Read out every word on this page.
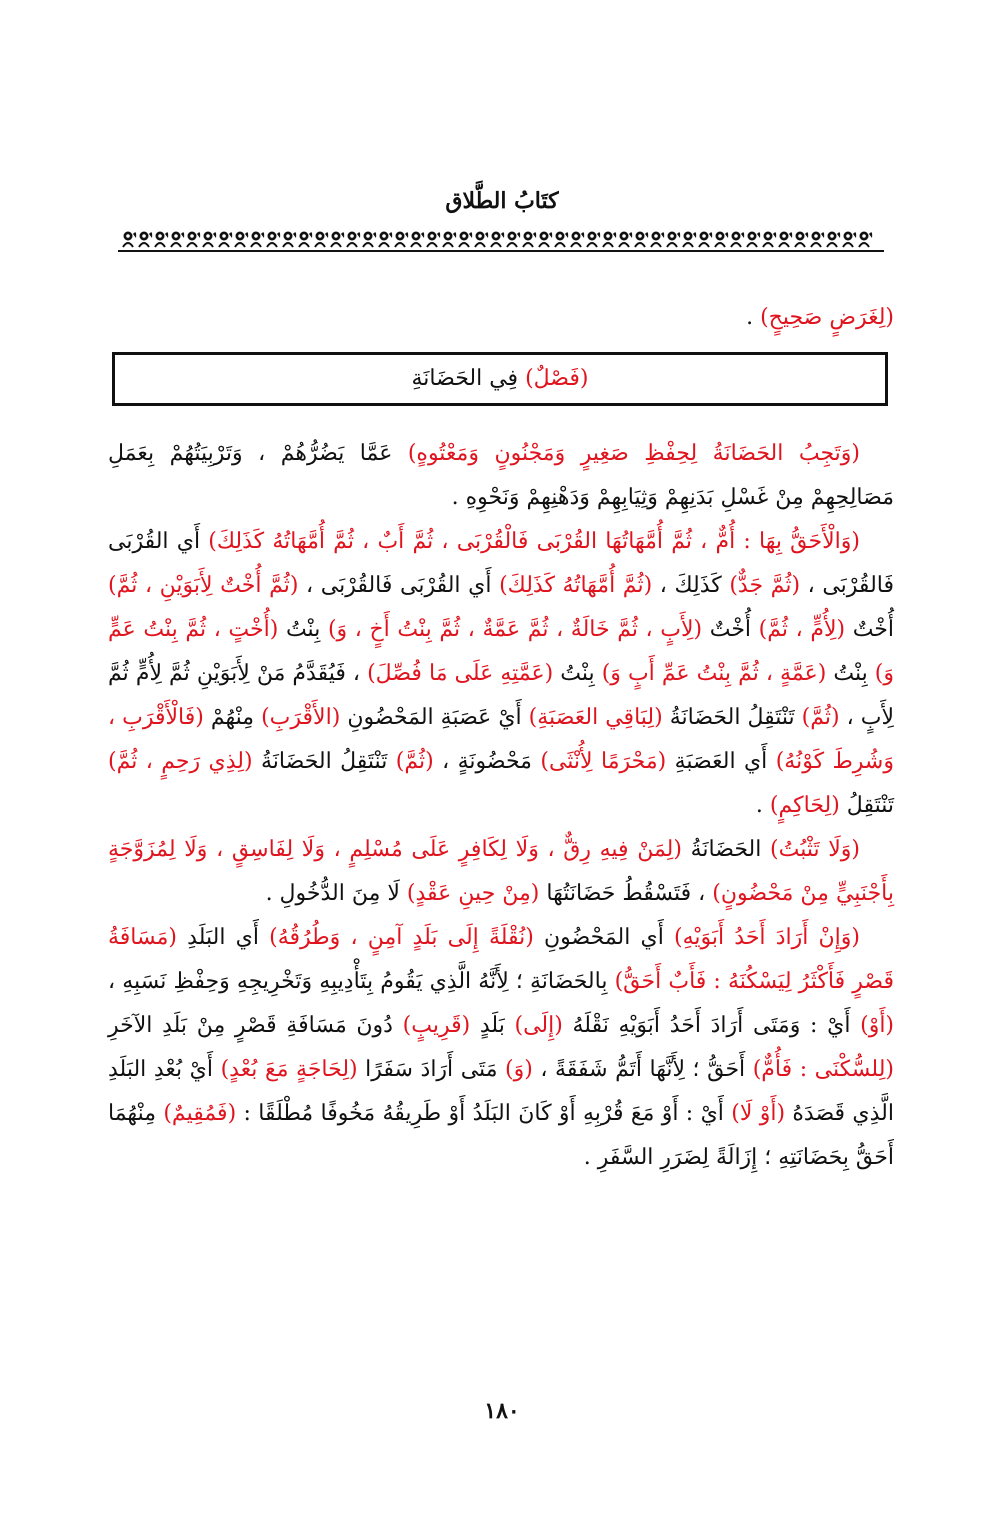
كتَابُ الطَّلاق
(لِغَرَضٍ صَحِيحٍ) .
(فَصْلٌ) فِي الحَضَانَةِ
(وَتَجِبُ الحَضَانَةُ لِحِفْظِ صَغِيرٍ وَمَجْنُونٍ وَمَعْتُوهٍ) عَمَّا يَضُرُّهُمْ ، وَتَرْبِيَتُهُمْ بِعَمَلِ مَصَالِحِهِمْ مِنْ غَسْلِ بَدَنِهِمْ وَثِيَابِهِمْ وَدَهْنِهِمْ وَنَحْوِهِ .
(وَالْأَحَقُّ بِهَا : أُمٌّ ، ثُمَّ أُمَّهَاتُهَا القُرْبَى فَالْقُرْبَى ، ثُمَّ أَبٌ ، ثُمَّ أُمَّهَاتُهُ كَذَلِكَ) أَي القُرْبَى فَالقُرْبَى ، (ثُمَّ جَدٌّ) كَذَلِكَ ، (ثُمَّ أُمَّهَاتُهُ كَذَلِكَ) أَي القُرْبَى فَالقُرْبَى ، (ثُمَّ أُخْتٌ لِأَبَوَيْنِ ، ثُمَّ) أُخْتٌ (لِأُمٍّ ، ثُمَّ) أُخْتٌ (لِأَبٍ ، ثُمَّ خَالَةٌ ، ثُمَّ عَمَّةٌ ، ثُمَّ بِنْتُ أَخٍ ، وَ) بِنْتُ (أُخْتٍ ، ثُمَّ بِنْتُ عَمٍّ وَ) بِنْتُ (عَمَّةٍ ، ثُمَّ بِنْتُ عَمِّ أَبٍ وَ) بِنْتُ (عَمَّتِهِ عَلَى مَا فُصِّلَ) ، فَيُقَدَّمُ مَنْ لِأَبَوَيْنِ ثُمَّ لِأُمٍّ ثُمَّ لِأَبٍ ، (ثُمَّ) تَنْتَقِلُ الحَضَانَةُ (لِبَاقِي العَصَبَةِ) أَيْ عَصَبَةِ المَحْضُونِ (الأَقْرَبِ) مِنْهُمْ (فَالْأَقْرَبِ ، وَشُرِطَ كَوْنُهُ) أَي العَصَبَةِ (مَحْرَمًا لِأُنْثَى) مَحْضُونَةٍ ، (ثُمَّ) تَنْتَقِلُ الحَضَانَةُ (لِذِي رَحِمٍ ، ثُمَّ) تَنْتَقِلُ (لِحَاكِمٍ) .
(وَلَا تَثْبُتُ) الحَضَانَةُ (لِمَنْ فِيهِ رِقٌّ ، وَلَا لِكَافِرٍ عَلَى مُسْلِمٍ ، وَلَا لِفَاسِقٍ ، وَلَا لِمُزَوَّجَةٍ بِأَجْنَبِيٍّ مِنْ مَحْضُونٍ) ، فَتَسْقُطُ حَضَانَتُهَا (مِنْ حِينِ عَقْدٍ) لَا مِنَ الدُّخُولِ .
(وَإِنْ أَرَادَ أَحَدُ أَبَوَيْهِ) أَي المَحْضُونِ (نُقْلَةً إِلَى بَلَدٍ آمِنٍ ، وَطُرُقُهُ) أَي البَلَدِ (مَسَافَةُ قَصْرٍ فَأَكْثَرُ لِيَسْكُنَهُ : فَأَبٌ أَحَقُّ) بِالحَضَانَةِ ؛ لِأَنَّهُ الَّذِي يَقُومُ بِتَأْدِيبِهِ وَتَخْرِيجِهِ وَحِفْظِ نَسَبِهِ ، (أَوْ) أَيْ : وَمَتَى أَرَادَ أَحَدُ أَبَوَيْهِ نَقْلَهُ (إِلَى) بَلَدٍ (قَرِيبٍ) دُونَ مَسَافَةِ قَصْرٍ مِنْ بَلَدِ الآخَرِ (لِلسُّكْنَى : فَأُمٌّ) أَحَقُّ ؛ لِأَنَّهَا أَتَمُّ شَفَقَةً ، (وَ) مَتَى أَرَادَ سَفَرًا (لِحَاجَةٍ مَعَ بُعْدٍ) أَيْ بُعْدِ البَلَدِ الَّذِي قَصَدَهُ (أَوْ لَا) أَيْ : أَوْ مَعَ قُرْبِهِ أَوْ كَانَ البَلَدُ أَوْ طَرِيقُهُ مَخُوفًا مُطْلَقًا : (فَمُقِيمٌ) مِنْهُمَا أَحَقُّ بِحَضَانَتِهِ ؛ إِزَالَةً لِضَرَرِ السَّفَرِ .
١٨٠
